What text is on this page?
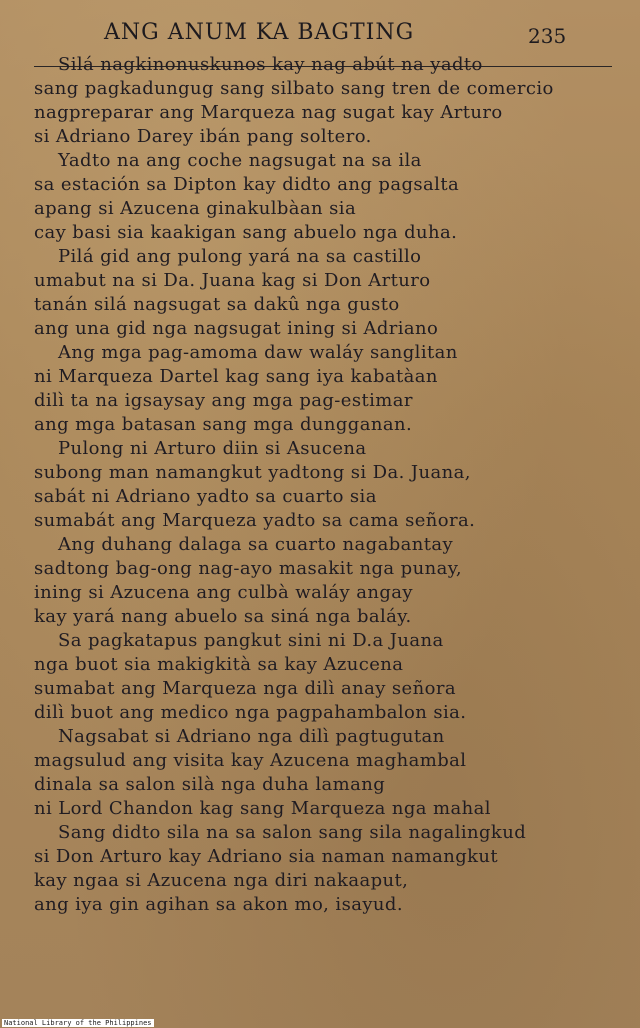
ANG ANUM KA BAGTING	235
Silá nagkinonuskunos kay nag abút na yadto
sang pagkadungug sang silbato sang tren de comercio
nagpreparar ang Marqueza nag sugat kay Arturo
si Adriano Darey ibán pang soltero.
Yadto na ang coche nagsugat na sa ila
sa estación sa Dipton kay didto ang pagsalta
apang si Azucena ginakulbàan sia
cay basi sia kaakigan sang abuelo nga duha.
Pilá gid ang pulong yará na sa castillo
umabut na si Da. Juana kag si Don Arturo
tanán silá nagsugat sa dakû nga gusto
ang una gid nga nagsugat ining si Adriano
Ang mga pag-amoma daw waláy sanglitan
ni Marqueza Dartel kag sang iya kabatàan
dilì ta na igsaysay ang mga pag-estimar
ang mga batasan sang mga dungganan.
Pulong ni Arturo diin si Asucena
subong man namangkut yadtong si Da. Juana,
sabát ni Adriano yadto sa cuarto sia
sumabát ang Marqueza yadto sa cama señora.
Ang duhang dalaga sa cuarto nagabantay
sadtong bag-ong nag-ayo masakit nga punay,
ining si Azucena ang culbà waláy angay
kay yará nang abuelo sa siná nga baláy.
Sa pagkatapus pangkut sini ni D.a Juana
nga buot sia makigkità sa kay Azucena
sumabat ang Marqueza nga dilì anay señora
dilì buot ang medico nga pagpahambalon sia.
Nagsabat si Adriano nga dilì pagtugutan
magsulud ang visita kay Azucena maghambal
dinala sa salon silà nga duha lamang
ni Lord Chandon kag sang Marqueza nga mahal
Sang didto sila na sa salon sang sila nagalingkud
si Don Arturo kay Adriano sia naman namangkut
kay ngaa si Azucena nga diri nakaaput,
ang iya gin agihan sa akon mo, isayud.
National Library of the Philippines
